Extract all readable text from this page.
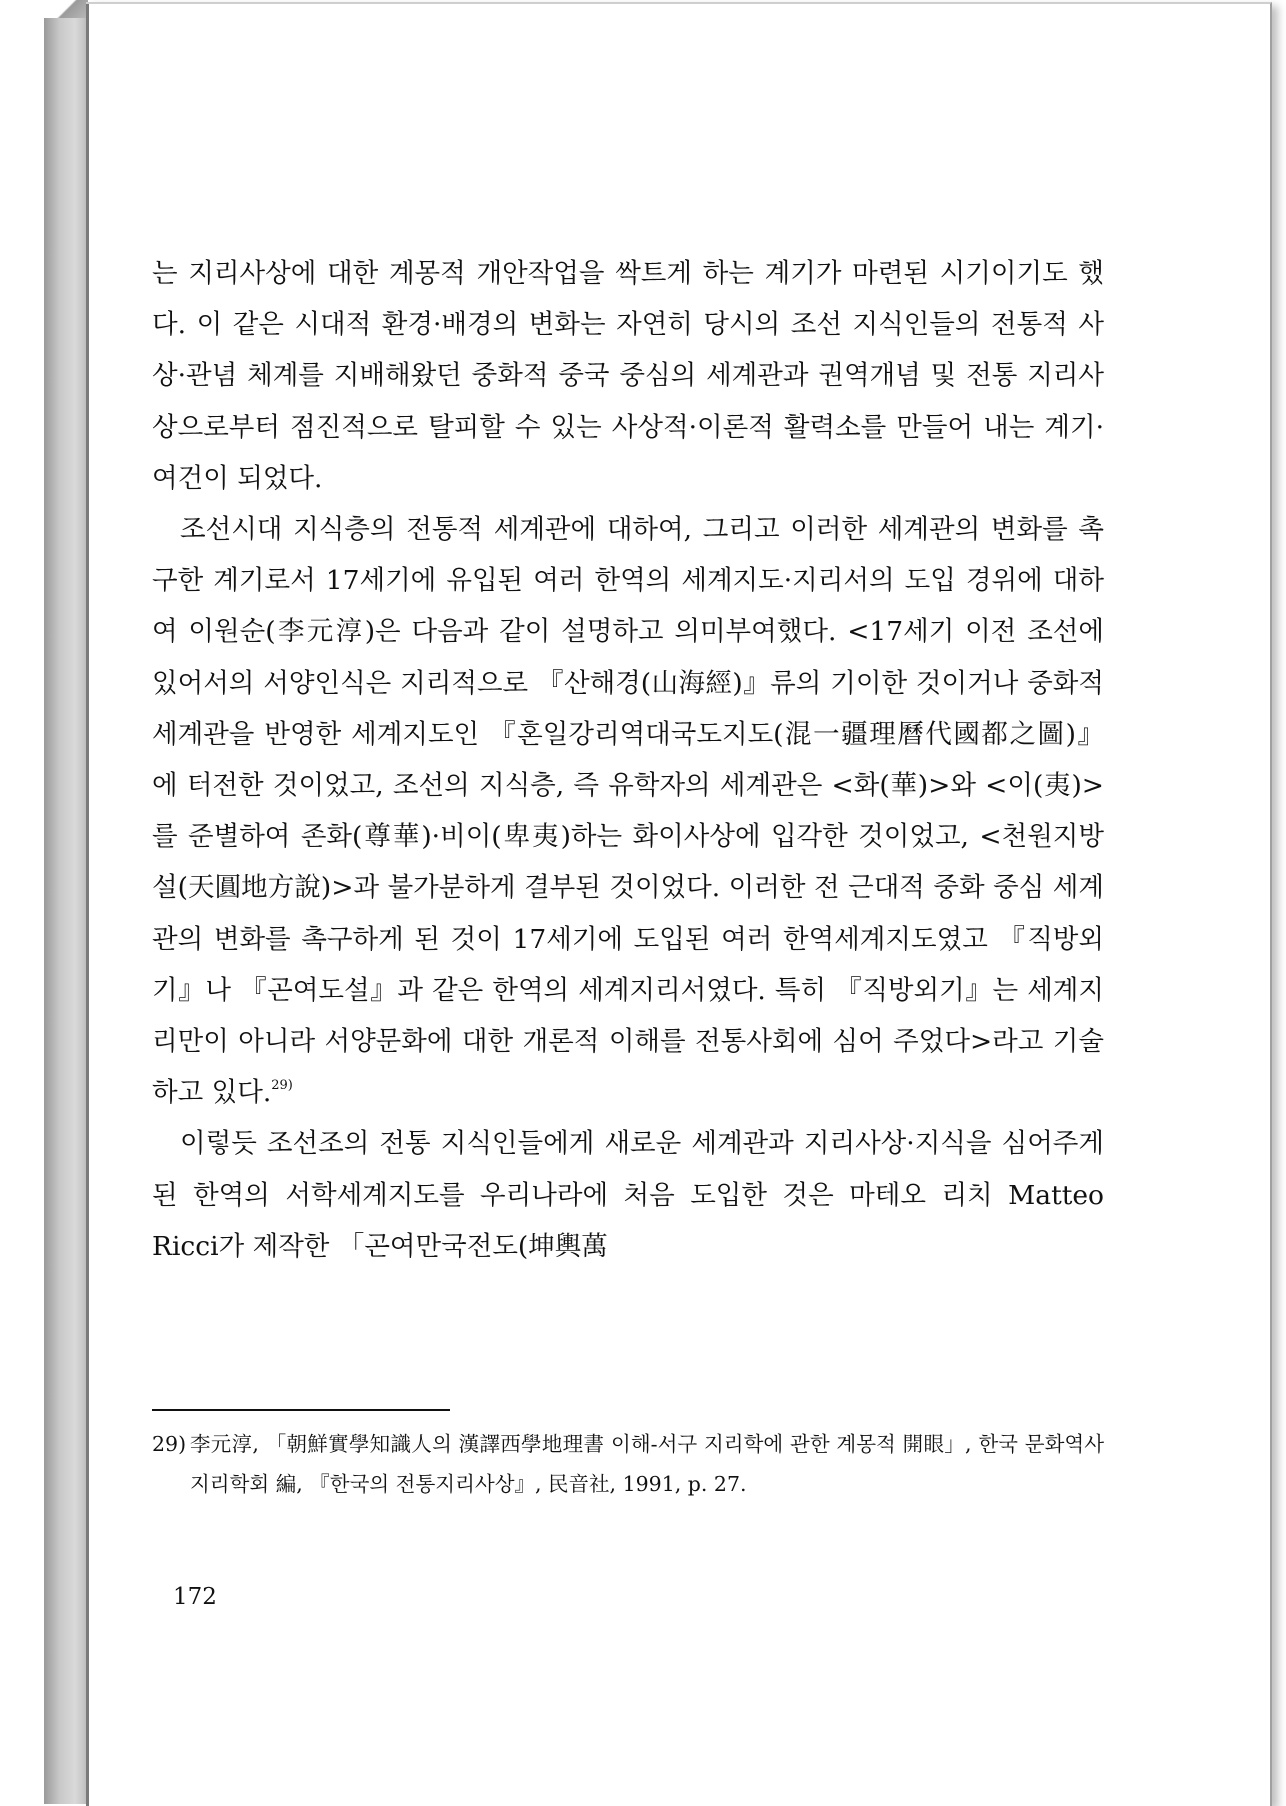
는 지리사상에 대한 계몽적 개안작업을 싹트게 하는 계기가 마련된 시기이기도 했다. 이 같은 시대적 환경·배경의 변화는 자연히 당시의 조선 지식인들의 전통적 사상·관념 체계를 지배해왔던 중화적 중국 중심의 세계관과 권역개념 및 전통 지리사상으로부터 점진적으로 탈피할 수 있는 사상적·이론적 활력소를 만들어 내는 계기·여건이 되었다.

조선시대 지식층의 전통적 세계관에 대하여, 그리고 이러한 세계관의 변화를 촉구한 계기로서 17세기에 유입된 여러 한역의 세계지도·지리서의 도입 경위에 대하여 이원순(李元淳)은 다음과 같이 설명하고 의미부여했다. <17세기 이전 조선에 있어서의 서양인식은 지리적으로 『산해경(山海經)』류의 기이한 것이거나 중화적 세계관을 반영한 세계지도인 『혼일강리역대국도지도(混一疆理曆代國都之圖)』에 터전한 것이었고, 조선의 지식층, 즉 유학자의 세계관은 <화(華)>와 <이(夷)>를 준별하여 존화(尊華)·비이(卑夷)하는 화이사상에 입각한 것이었고, <천원지방설(天圓地方說)>과 불가분하게 결부된 것이었다. 이러한 전 근대적 중화 중심 세계관의 변화를 촉구하게 된 것이 17세기에 도입된 여러 한역세계지도였고 『직방외기』나 『곤여도설』과 같은 한역의 세계지리서였다. 특히 『직방외기』는 세계지리만이 아니라 서양문화에 대한 개론적 이해를 전통사회에 심어 주었다>라고 기술하고 있다.$^{29)}$

이렇듯 조선조의 전통 지식인들에게 새로운 세계관과 지리사상·지식을 심어주게 된 한역의 서학세계지도를 우리나라에 처음 도입한 것은 마테오 리치 Matteo Ricci가 제작한 「곤여만국전도(坤輿萬

29) 李元淳, 「朝鮮實學知識人의 漢譯西學地理書 이해-서구 지리학에 관한 계몽적 開眼」, 한국 문화역사 지리학회 編, 『한국의 전통지리사상』, 民音社, 1991, p. 27.
172
